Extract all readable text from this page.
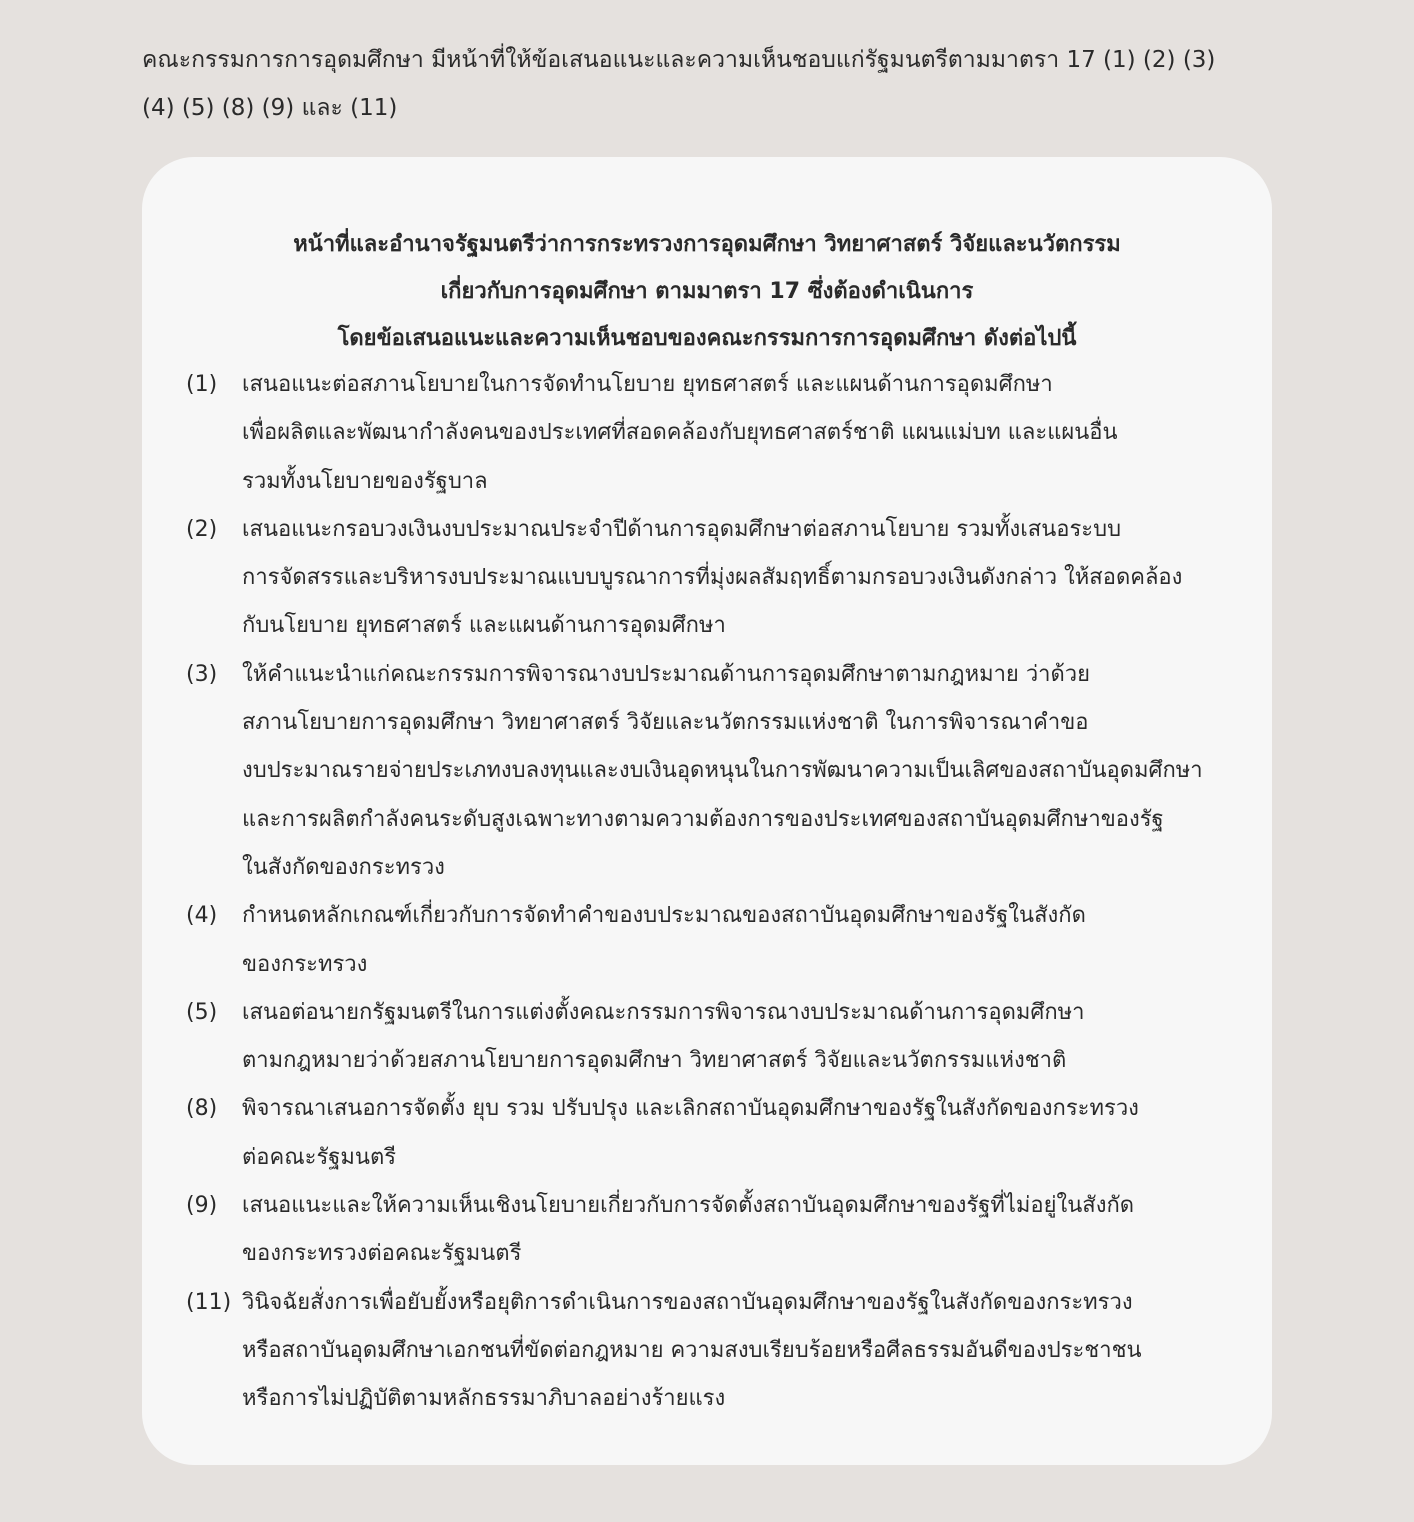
คณะกรรมการการอุดมศึกษา มีหน้าที่ให้ข้อเสนอแนะและความเห็นชอบแก่รัฐมนตรีตามมาตรา 17 (1) (2) (3)
(4) (5) (8) (9) และ (11)
หน้าที่และอำนาจรัฐมนตรีว่าการกระทรวงการอุดมศึกษา วิทยาศาสตร์ วิจัยและนวัตกรรม
เกี่ยวกับการอุดมศึกษา ตามมาตรา 17 ซึ่งต้องดำเนินการ
โดยข้อเสนอแนะและความเห็นชอบของคณะกรรมการการอุดมศึกษา ดังต่อไปนี้
(1)	เสนอแนะต่อสภานโยบายในการจัดทำนโยบาย ยุทธศาสตร์ และแผนด้านการอุดมศึกษา
เพื่อผลิตและพัฒนากำลังคนของประเทศที่สอดคล้องกับยุทธศาสตร์ชาติ แผนแม่บท และแผนอื่น
รวมทั้งนโยบายของรัฐบาล
(2)	เสนอแนะกรอบวงเงินงบประมาณประจำปีด้านการอุดมศึกษาต่อสภานโยบาย รวมทั้งเสนอระบบ
การจัดสรรและบริหารงบประมาณแบบบูรณาการที่มุ่งผลสัมฤทธิ์ตามกรอบวงเงินดังกล่าว ให้สอดคล้อง
กับนโยบาย ยุทธศาสตร์ และแผนด้านการอุดมศึกษา
(3)	ให้คำแนะนำแก่คณะกรรมการพิจารณางบประมาณด้านการอุดมศึกษาตามกฎหมาย ว่าด้วย
สภานโยบายการอุดมศึกษา วิทยาศาสตร์ วิจัยและนวัตกรรมแห่งชาติ ในการพิจารณาคำขอ
งบประมาณรายจ่ายประเภทงบลงทุนและงบเงินอุดหนุนในการพัฒนาความเป็นเลิศของสถาบันอุดมศึกษา
และการผลิตกำลังคนระดับสูงเฉพาะทางตามความต้องการของประเทศของสถาบันอุดมศึกษาของรัฐ
ในสังกัดของกระทรวง
(4)	กำหนดหลักเกณฑ์เกี่ยวกับการจัดทำคำของบประมาณของสถาบันอุดมศึกษาของรัฐในสังกัด
ของกระทรวง
(5)	เสนอต่อนายกรัฐมนตรีในการแต่งตั้งคณะกรรมการพิจารณางบประมาณด้านการอุดมศึกษา
ตามกฎหมายว่าด้วยสภานโยบายการอุดมศึกษา วิทยาศาสตร์ วิจัยและนวัตกรรมแห่งชาติ
(8)	พิจารณาเสนอการจัดตั้ง ยุบ รวม ปรับปรุง และเลิกสถาบันอุดมศึกษาของรัฐในสังกัดของกระทรวง
ต่อคณะรัฐมนตรี
(9)	เสนอแนะและให้ความเห็นเชิงนโยบายเกี่ยวกับการจัดตั้งสถาบันอุดมศึกษาของรัฐที่ไม่อยู่ในสังกัด
ของกระทรวงต่อคณะรัฐมนตรี
(11) วินิจฉัยสั่งการเพื่อยับยั้งหรือยุติการดำเนินการของสถาบันอุดมศึกษาของรัฐในสังกัดของกระทรวง
หรือสถาบันอุดมศึกษาเอกชนที่ขัดต่อกฎหมาย ความสงบเรียบร้อยหรือศีลธรรมอันดีของประชาชน
หรือการไม่ปฏิบัติตามหลักธรรมาภิบาลอย่างร้ายแรง
